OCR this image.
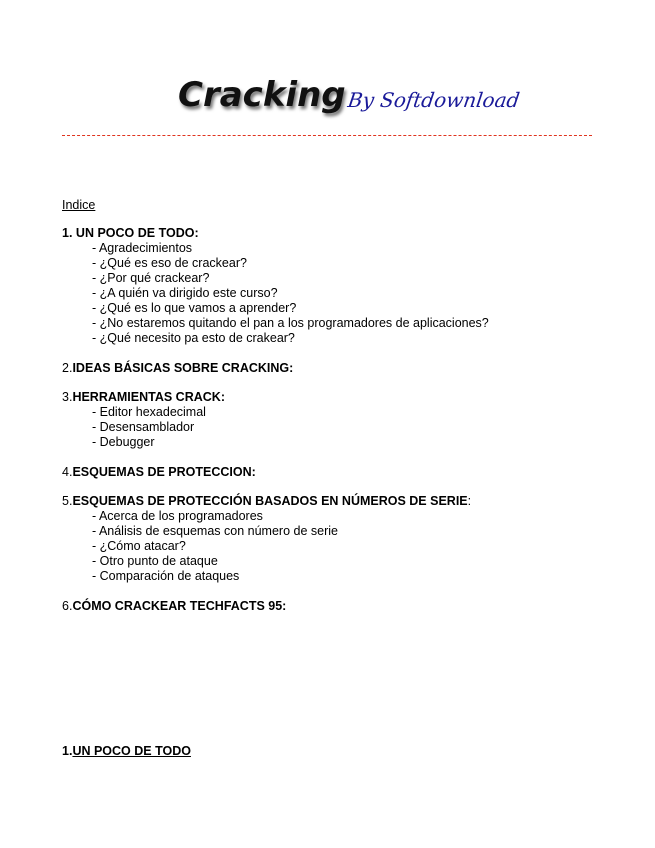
Cracking By Softdownload
Indice
1. UN POCO DE TODO:
- Agradecimientos
- ¿Qué es eso de crackear?
- ¿Por qué crackear?
- ¿A quién va dirigido este curso?
- ¿Qué es lo que vamos a aprender?
- ¿No estaremos quitando el pan a los programadores de aplicaciones?
- ¿Qué necesito pa esto de crakear?
2.IDEAS BÁSICAS SOBRE CRACKING:
3.HERRAMIENTAS CRACK:
- Editor hexadecimal
- Desensamblador
- Debugger
4.ESQUEMAS DE PROTECCION:
5.ESQUEMAS DE PROTECCIÓN BASADOS EN NÚMEROS DE SERIE:
- Acerca de los programadores
- Análisis de esquemas con número de serie
- ¿Cómo atacar?
- Otro punto de ataque
- Comparación de ataques
6.CÓMO CRACKEAR TECHFACTS 95:
1.UN POCO DE TODO
